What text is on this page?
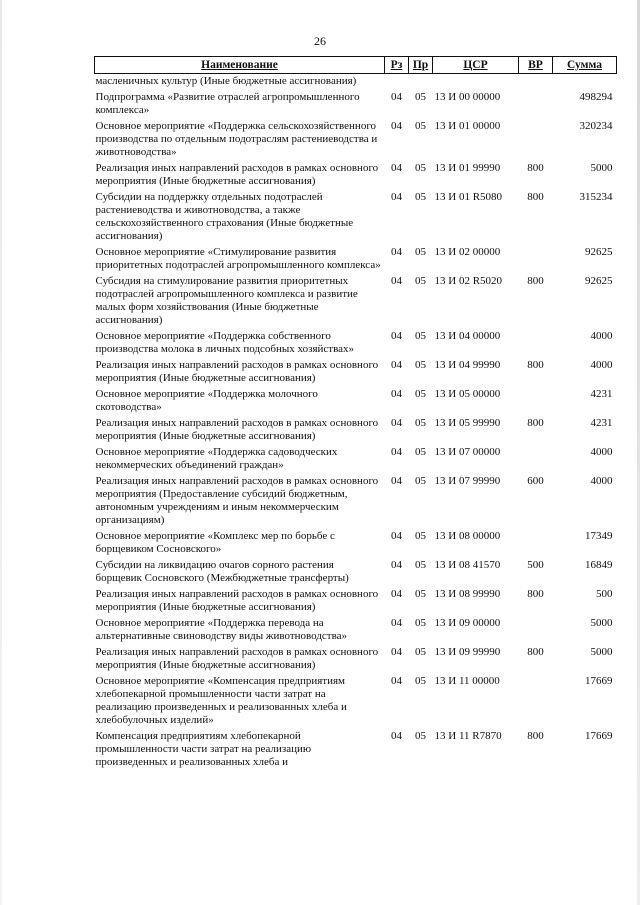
26
Наименование	Рз	Пр	ЦСР	ВР	Сумма
масленичных культур (Иные бюджетные ассигнования)					
Подпрограмма «Развитие отраслей агропромышленного комплекса»	04	05	13 И 00 00000		498294
Основное мероприятие «Поддержка сельскохозяйственного производства по отдельным подотраслям растениеводства и животноводства»	04	05	13 И 01 00000		320234
Реализация иных направлений расходов в рамках основного мероприятия (Иные бюджетные ассигнования)	04	05	13 И 01 99990	800	5000
Субсидии на поддержку отдельных подотраслей растениеводства и животноводства, а также сельскохозяйственного страхования (Иные бюджетные ассигнования)	04	05	13 И 01 R5080	800	315234
Основное мероприятие «Стимулирование развития приоритетных подотраслей агропромышленного комплекса»	04	05	13 И 02 00000		92625
Субсидия на стимулирование развития приоритетных подотраслей агропромышленного комплекса и развитие малых форм хозяйствования (Иные бюджетные ассигнования)	04	05	13 И 02 R5020	800	92625
Основное мероприятие «Поддержка собственного производства молока в личных подсобных хозяйствах»	04	05	13 И 04 00000		4000
Реализация иных направлений расходов в рамках основного мероприятия (Иные бюджетные ассигнования)	04	05	13 И 04 99990	800	4000
Основное мероприятие «Поддержка молочного скотоводства»	04	05	13 И 05 00000		4231
Реализация иных направлений расходов в рамках основного мероприятия (Иные бюджетные ассигнования)	04	05	13 И 05 99990	800	4231
Основное мероприятие «Поддержка садоводческих некоммерческих объединений граждан»	04	05	13 И 07 00000		4000
Реализация иных направлений расходов в рамках основного мероприятия (Предоставление субсидий бюджетным, автономным учреждениям и иным некоммерческим организациям)	04	05	13 И 07 99990	600	4000
Основное мероприятие «Комплекс мер по борьбе с борщевиком Сосновского»	04	05	13 И 08 00000		17349
Субсидии на ликвидацию очагов сорного растения борщевик Сосновского (Межбюджетные трансферты)	04	05	13 И 08 41570	500	16849
Реализация иных направлений расходов в рамках основного мероприятия (Иные бюджетные ассигнования)	04	05	13 И 08 99990	800	500
Основное мероприятие «Поддержка перевода на альтернативные свиноводству виды животноводства»	04	05	13 И 09 00000		5000
Реализация иных направлений расходов в рамках основного мероприятия (Иные бюджетные ассигнования)	04	05	13 И 09 99990	800	5000
Основное мероприятие «Компенсация предприятиям хлебопекарной промышленности части затрат на реализацию произведенных и реализованных хлеба и хлебобулочных изделий»	04	05	13 И 11 00000		17669
Компенсация предприятиям хлебопекарной промышленности части затрат на реализацию произведенных и реализованных хлеба и	04	05	13 И 11 R7870	800	17669
